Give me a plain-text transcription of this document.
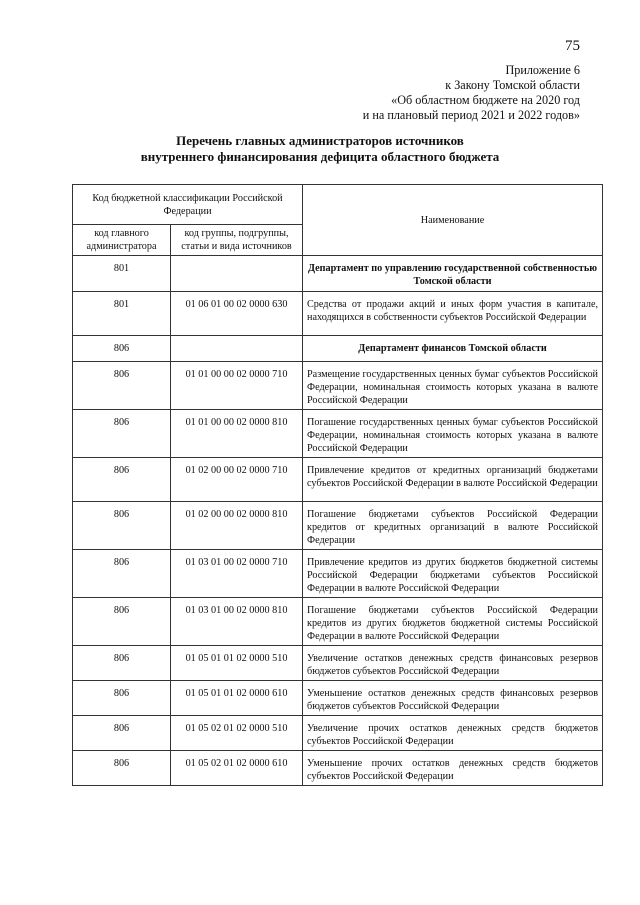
75
Приложение 6
к Закону Томской области
«Об областном бюджете на 2020 год
и на плановый период 2021 и 2022 годов»
Перечень главных администраторов источников
внутреннего финансирования дефицита областного бюджета
Код бюджетной классификации Российской Федерации		Наименование
код главного администратора	код группы, подгруппы, статьи и вида источников	
801		Департамент по управлению государственной собственностью Томской области
801	01 06 01 00 02 0000 630	Средства от продажи акций и иных форм участия в капитале, находящихся в собственности субъектов Российской Федерации
806		Департамент финансов Томской области
806	01 01 00 00 02 0000 710	Размещение государственных ценных бумаг субъектов Российской Федерации, номинальная стоимость которых указана в валюте Российской Федерации
806	01 01 00 00 02 0000 810	Погашение государственных ценных бумаг субъектов Российской Федерации, номинальная стоимость которых указана в валюте Российской Федерации
806	01 02 00 00 02 0000 710	Привлечение кредитов от кредитных организаций бюджетами субъектов Российской Федерации в валюте Российской Федерации
806	01 02 00 00 02 0000 810	Погашение бюджетами субъектов Российской Федерации кредитов от кредитных организаций в валюте Российской Федерации
806	01 03 01 00 02 0000 710	Привлечение кредитов из других бюджетов бюджетной системы Российской Федерации бюджетами субъектов Российской Федерации в валюте Российской Федерации
806	01 03 01 00 02 0000 810	Погашение бюджетами субъектов Российской Федерации кредитов из других бюджетов бюджетной системы Российской Федерации в валюте Российской Федерации
806	01 05 01 01 02 0000 510	Увеличение остатков денежных средств финансовых резервов бюджетов субъектов Российской Федерации
806	01 05 01 01 02 0000 610	Уменьшение остатков денежных средств финансовых резервов бюджетов субъектов Российской Федерации
806	01 05 02 01 02 0000 510	Увеличение прочих остатков денежных средств бюджетов субъектов Российской Федерации
806	01 05 02 01 02 0000 610	Уменьшение прочих остатков денежных средств бюджетов субъектов Российской Федерации
